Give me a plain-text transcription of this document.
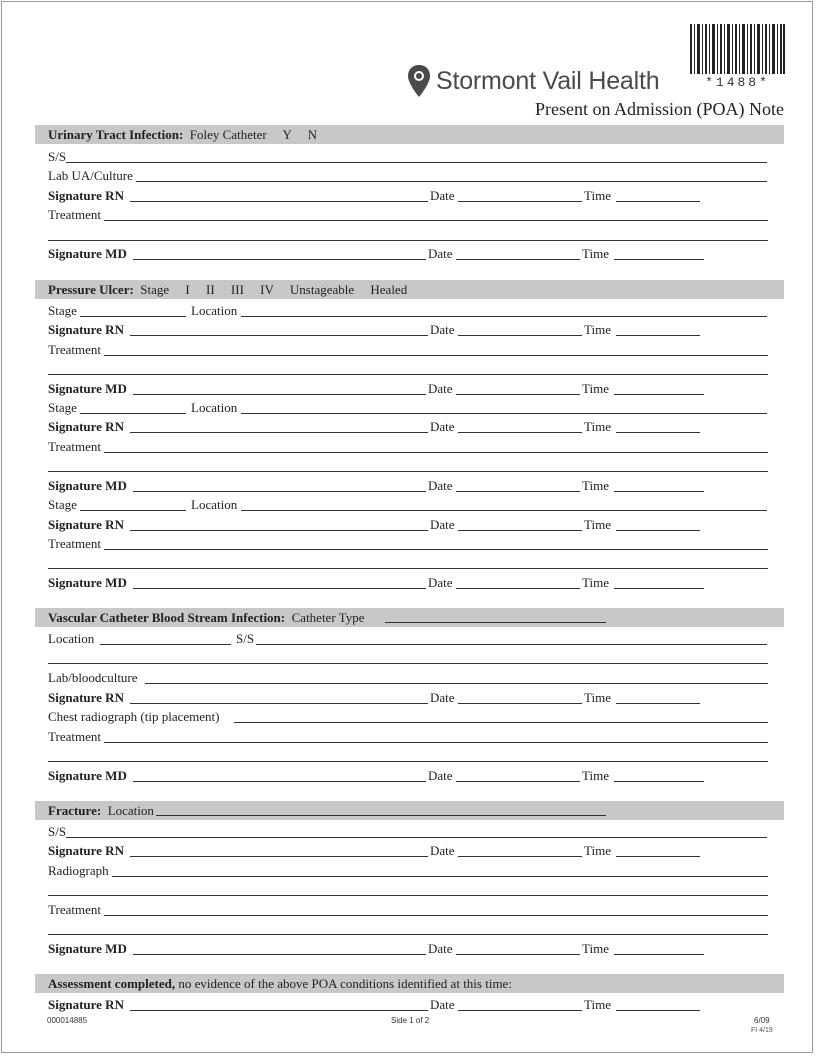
Stormont Vail Health	*1488*
Present on Admission (POA) Note
Urinary Tract Infection: Foley Catheter     Y     N
S/S
Lab UA/Culture
Signature RN	Date	Time
Treatment
Signature MD	Date	Time
Pressure Ulcer: Stage     I     II     III     IV     Unstageable     Healed
Stage	Location
Signature RN	Date	Time
Treatment
Signature MD	Date	Time
Stage	Location
Signature RN	Date	Time
Treatment
Signature MD	Date	Time
Stage	Location
Signature RN	Date	Time
Treatment
Signature MD	Date	Time
Vascular Catheter Blood Stream Infection: Catheter Type
Location	S/S
Lab/bloodculture
Signature RN	Date	Time
Chest radiograph (tip placement)
Treatment
Signature MD	Date	Time
Fracture: Location
S/S
Signature RN	Date	Time
Radiograph
Treatment
Signature MD	Date	Time
Assessment completed, no evidence of the above POA conditions identified at this time:
Signature RN	Date	Time
000014885	Side 1 of 2	6/09
FI 4/19
